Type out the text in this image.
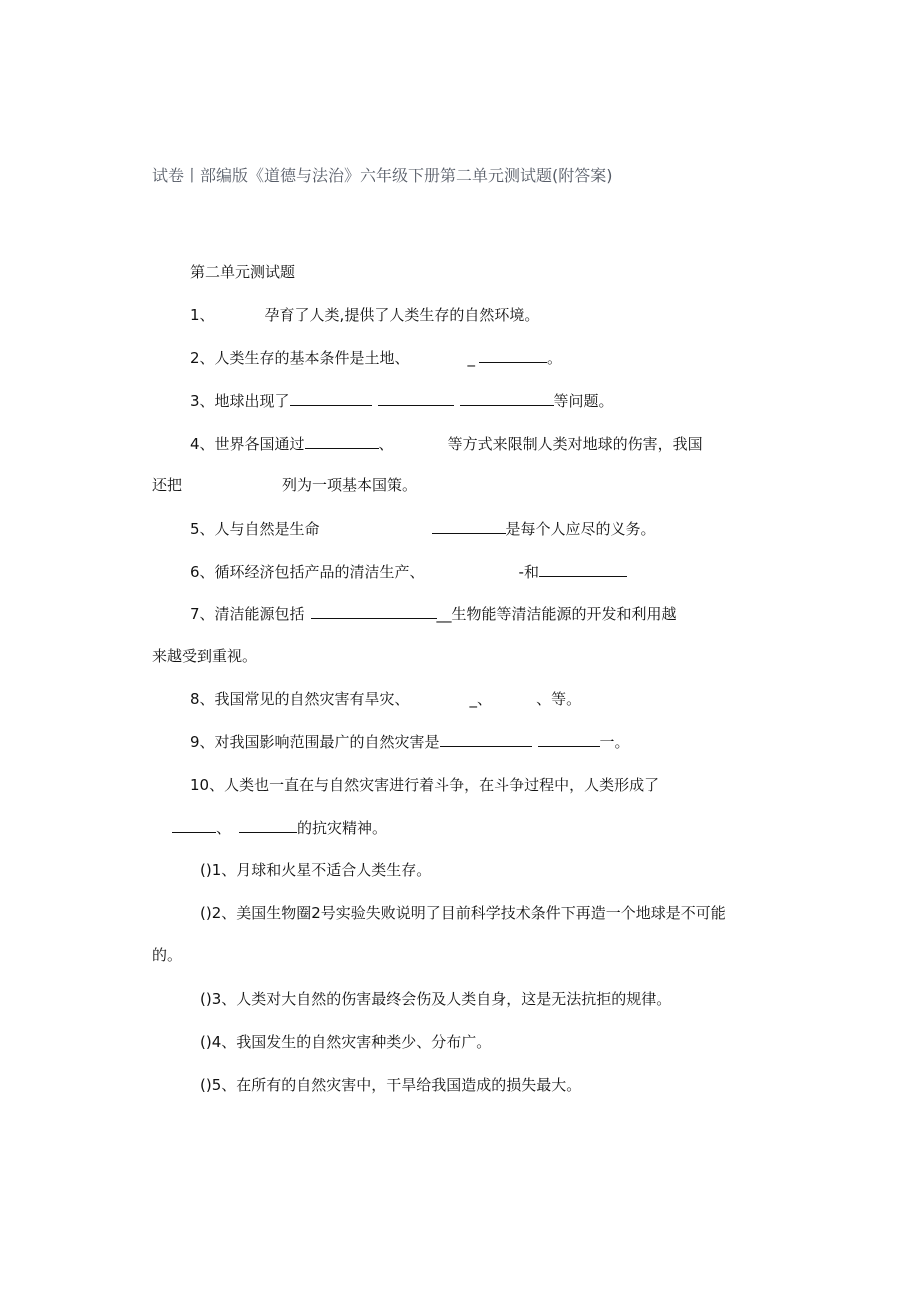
试卷丨部编版《道德与法治》六年级下册第二单元测试题(附答案)
第二单元测试题
1、	孕育了人类,提供了人类生存的自然环境。
2、人类生存的基本条件是土地、	_	。
3、地球出现了	等问题。
4、世界各国通过	、	等方式来限制人类对地球的伤害，我国
还把	列为一项基本国策。
5、人与自然是生命	是每个人应尽的义务。
6、循环经济包括产品的清洁生产、	-和
7、清洁能源包括	__生物能等清洁能源的开发和利用越
来越受到重视。
8、我国常见的自然灾害有旱灾、	_、	、等。
9、对我国影响范围最广的自然灾害是	一。
10、人类也一直在与自然灾害进行着斗争，在斗争过程中，人类形成了
、	的抗灾精神。
()1、月球和火星不适合人类生存。
()2、美国生物圈2号实验失败说明了目前科学技术条件下再造一个地球是不可能
的。
()3、人类对大自然的伤害最终会伤及人类自身，这是无法抗拒的规律。
()4、我国发生的自然灾害种类少、分布广。
()5、在所有的自然灾害中，干旱给我国造成的损失最大。
